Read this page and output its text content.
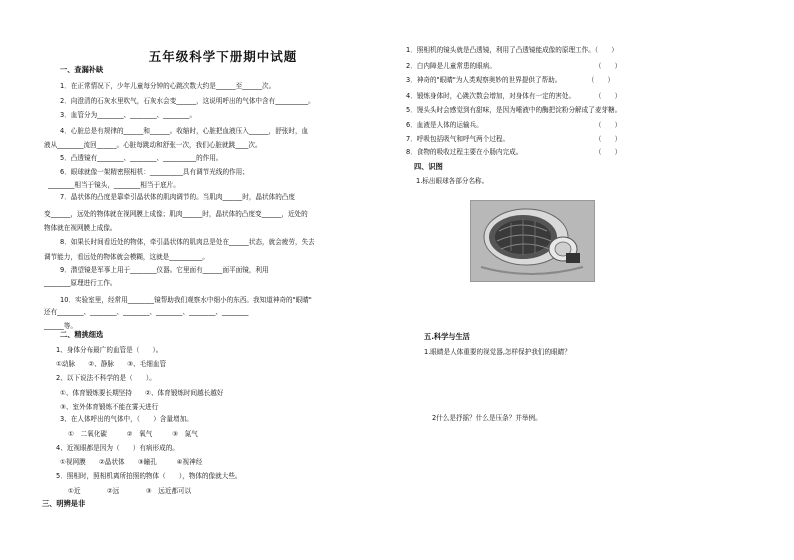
五年级科学下册期中试题
一、查漏补缺
1．在正常情况下，少年儿童每分钟的心跳次数大约是______至______次。
2．向澄清的石灰水里吹气，石灰水会变______，这说明呼出的气体中含有__________。
3．血管分为________、________、________。
4．心脏总是有规律的______和______。收缩时，心脏把血液压入______，舒张时，血
液从________流回______。心脏每跳动和舒张一次，我们心脏就跳____次。
5．凸透镜有________、________、__________的作用。
6．眼球就像一架精密照相机：__________具有调节光线的作用；
________相当于镜头，________相当于底片。
7．晶状体的凸度是靠牵引晶状体的肌肉调节的。当肌肉______时，晶状体的凸度
变______，远处的物体就在视网膜上成像；肌肉______时，晶状体的凸度变______，近处的
物体就在视网膜上成像。
8．如果长时间看近处的物体，牵引晶状体的肌肉总是处在______状态，就会疲劳，失去
调节能力，看远处的物体就会模糊，这就是__________。
9．潜望镜是军事上用于________仪器。它里面有______面平面镜，利用
________原理进行工作。
10．实验室里，经常用________镜帮助我们观察水中细小的东西。我知道神奇的"眼睛"
还有________、________、________、________、________、________
______等。
二、精挑细选
1、身体分布最广的血管是（　　）。
①动脉　　②、静脉　　③、毛细血管
2、以下说法不科学的是（　　）。
①、体育锻炼要长期坚持　　②、体育锻炼时间越长越好
③、室外体育锻炼不能在雾天进行
3、在人体呼出的气体中，（　　）含量增加。
①　二氧化碳　　　②　氧气　　　③　氮气
4、近视眼都是因为（　　）有病形成的。
①视网膜　　②晶状体　　③瞳孔　　　④视神经
5．照相时，照相机离所拍照的物体（　　），物体的像就大些。
①近　　　　②远　　　　③　远近都可以
三、明辨是非
1．照相机的镜头就是凸透镜，利用了凸透镜能成像的原理工作。（　　）
2．白内障是儿童常患的眼病。　　　　　　　　　　　　　　　　（　　）
3．神奇的"眼睛"为人类观察奥妙的世界提供了帮助。　　　　　（　　）
4．锻炼身体时，心跳次数会增加，对身体有一定的害处。　　　　（　　）
5．馒头头时会感觉到有甜味，是因为唾液中的酶把淀粉分解成了麦芽糖。
6．血液是人体的运输兵。　　　　　　　　　　　　　　　　　　（　　）
7．呼吸包括吸气和呼气两个过程。　　　　　　　　　　　　　　（　　）
8．食物的吸收过程主要在小肠内完成。　　　　　　　　　　　　（　　）
四、识图
1.标出眼球各部分名称。
五.科学与生活
1.眼睛是人体重要的视觉器,怎样保护我们的眼睛？
2什么是抒摇？什么是压条？并举例。
